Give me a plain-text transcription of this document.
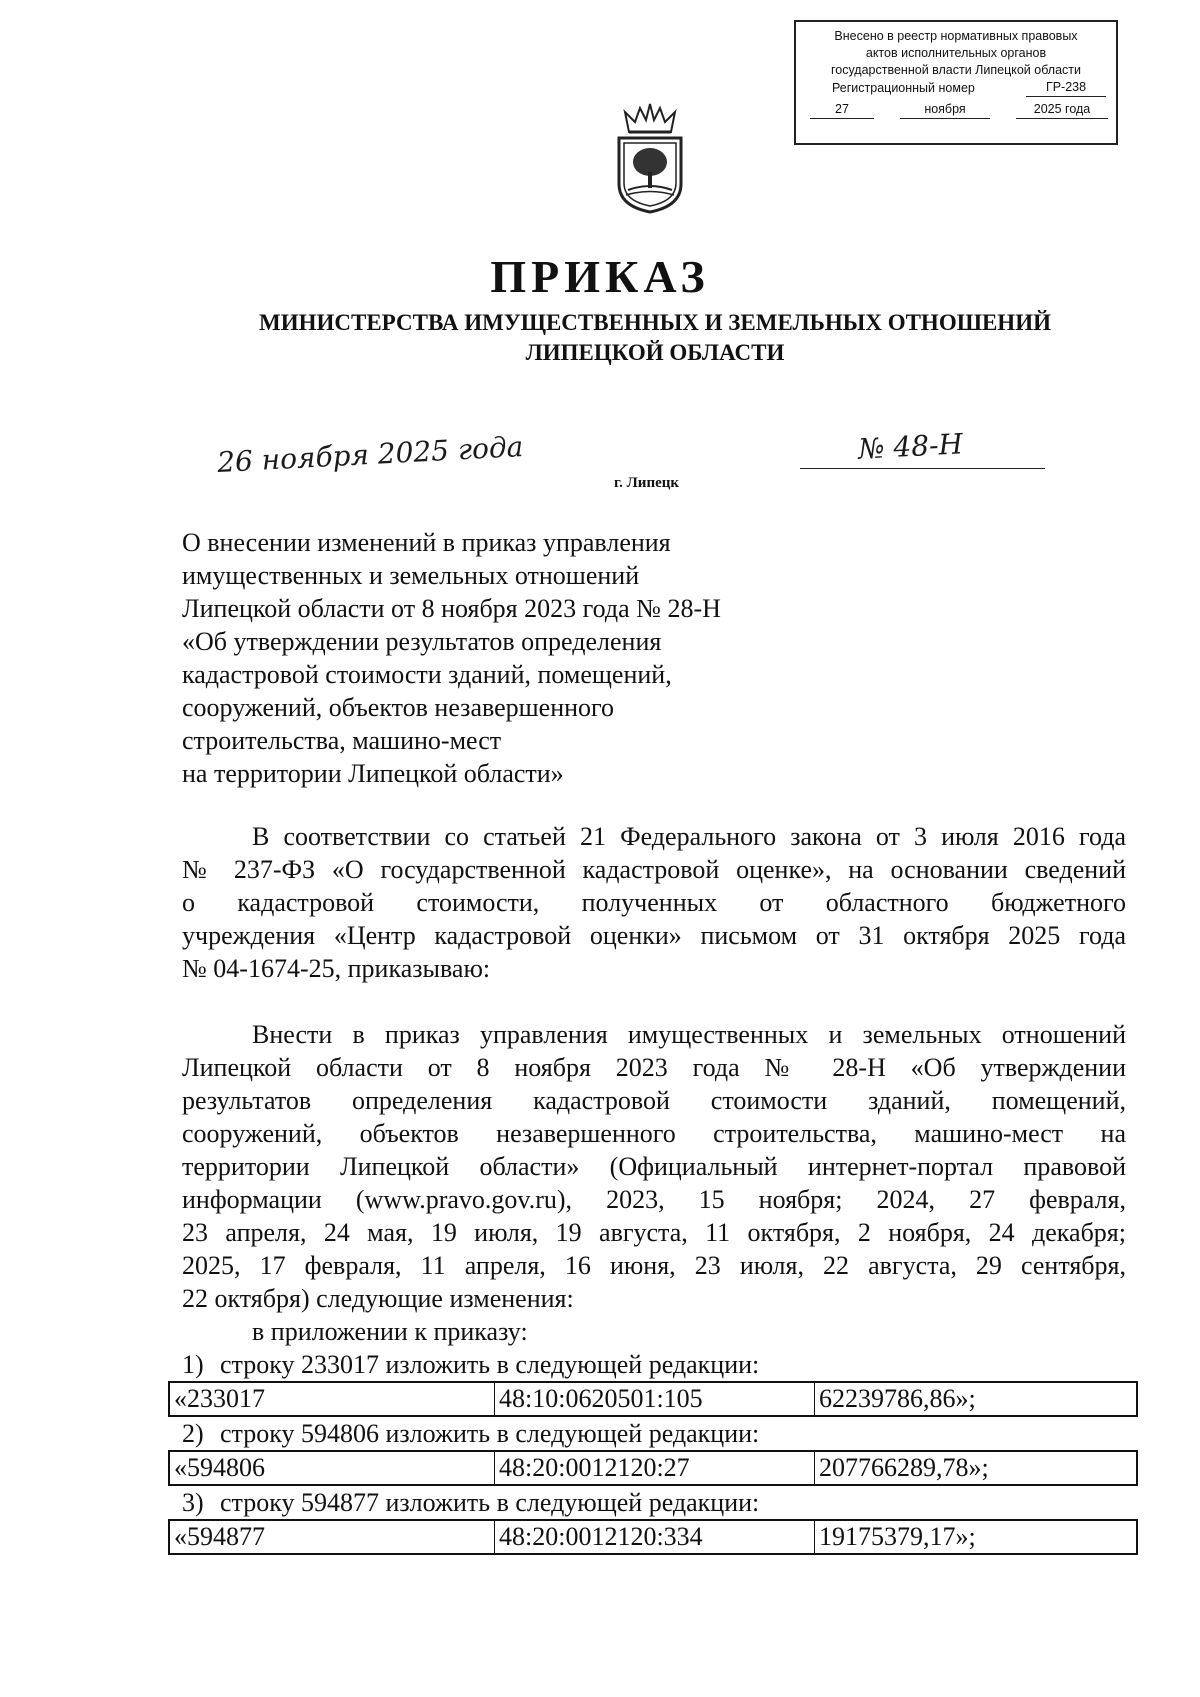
Внесено в реестр нормативных правовых
актов исполнительных органов
государственной власти Липецкой области
Регистрационный номер	ГР-238
27	ноября	2025 года
ПРИКАЗ
МИНИСТЕРСТВА ИМУЩЕСТВЕННЫХ И ЗЕМЕЛЬНЫХ ОТНОШЕНИЙ
ЛИПЕЦКОЙ ОБЛАСТИ
26 ноября 2025 года
г. Липецк
№ 48-Н
О внесении изменений в приказ управления
имущественных и земельных отношений
Липецкой области от 8 ноября 2023 года № 28-Н
«Об утверждении результатов определения
кадастровой стоимости зданий, помещений,
сооружений, объектов незавершенного
строительства, машино-мест
на территории Липецкой области»
В соответствии со статьей 21 Федерального закона от 3 июля 2016 года
№ 237-ФЗ «О государственной кадастровой оценке», на основании сведений
о кадастровой стоимости, полученных от областного бюджетного
учреждения «Центр кадастровой оценки» письмом от 31 октября 2025 года
№ 04-1674-25, приказываю:
Внести в приказ управления имущественных и земельных отношений
Липецкой области от 8 ноября 2023 года № 28-Н «Об утверждении
результатов определения кадастровой стоимости зданий, помещений,
сооружений, объектов незавершенного строительства, машино-мест на
территории Липецкой области» (Официальный интернет-портал правовой
информации (www.pravo.gov.ru), 2023, 15 ноября; 2024, 27 февраля,
23 апреля, 24 мая, 19 июля, 19 августа, 11 октября, 2 ноября, 24 декабря;
2025, 17 февраля, 11 апреля, 16 июня, 23 июля, 22 августа, 29 сентября,
22 октября) следующие изменения:
в приложении к приказу:
1) строку 233017 изложить в следующей редакции:
«233017	48:10:0620501:105	62239786,86»;
2) строку 594806 изложить в следующей редакции:
«594806	48:20:0012120:27	207766289,78»;
3) строку 594877 изложить в следующей редакции:
«594877	48:20:0012120:334	19175379,17»;
